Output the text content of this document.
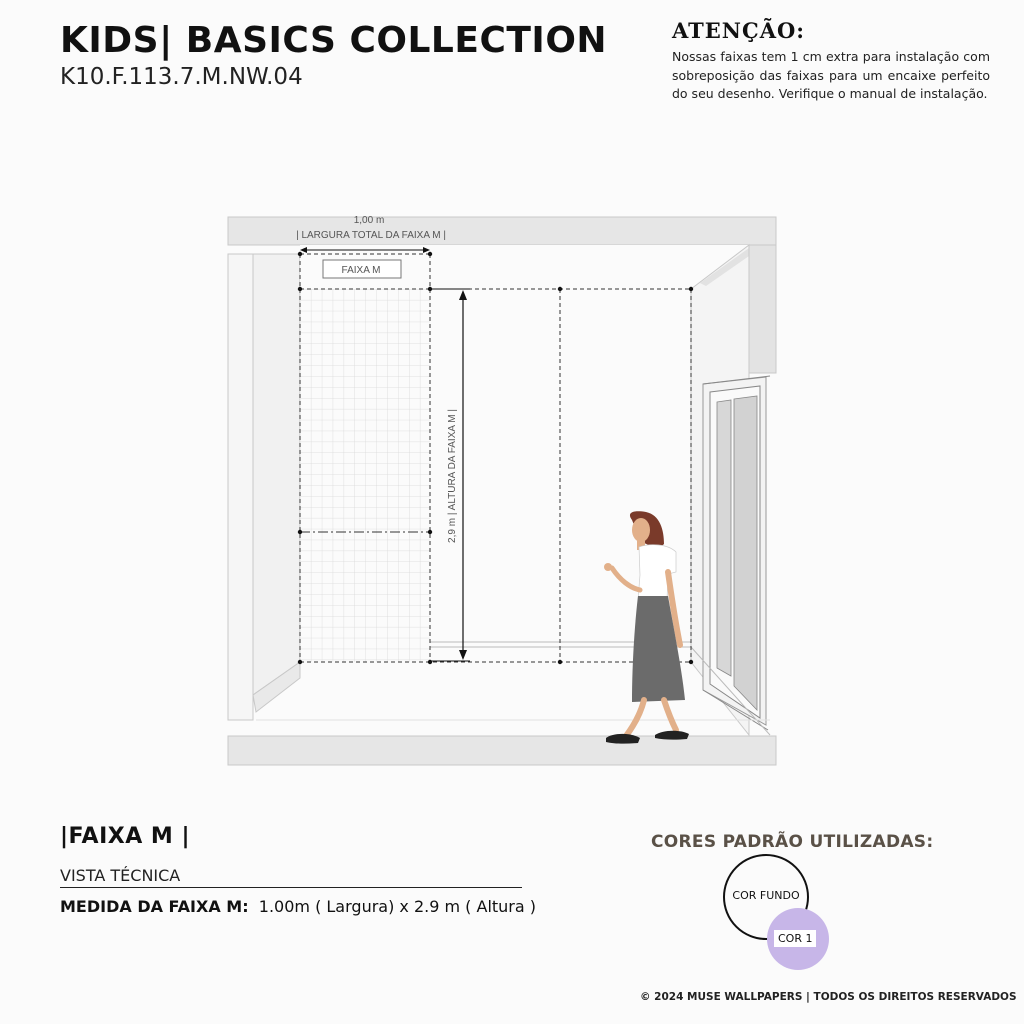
KIDS| BASICS COLLECTION
K10.F.113.7.M.NW.04
ATENÇÃO:
Nossas faixas tem 1 cm extra para instalação com sobreposição das faixas para um encaixe perfeito do seu desenho. Verifique o manual de instalação.
1,00 m
| LARGURA TOTAL DA FAIXA M |
FAIXA M
2,9 m | ALTURA DA FAIXA M |
|FAIXA M |
VISTA TÉCNICA
MEDIDA DA FAIXA M: 1.00m ( Largura) x 2.9 m ( Altura )
CORES PADRÃO UTILIZADAS:
COR FUNDO
COR 1
© 2024 MUSE WALLPAPERS | TODOS OS DIREITOS RESERVADOS
